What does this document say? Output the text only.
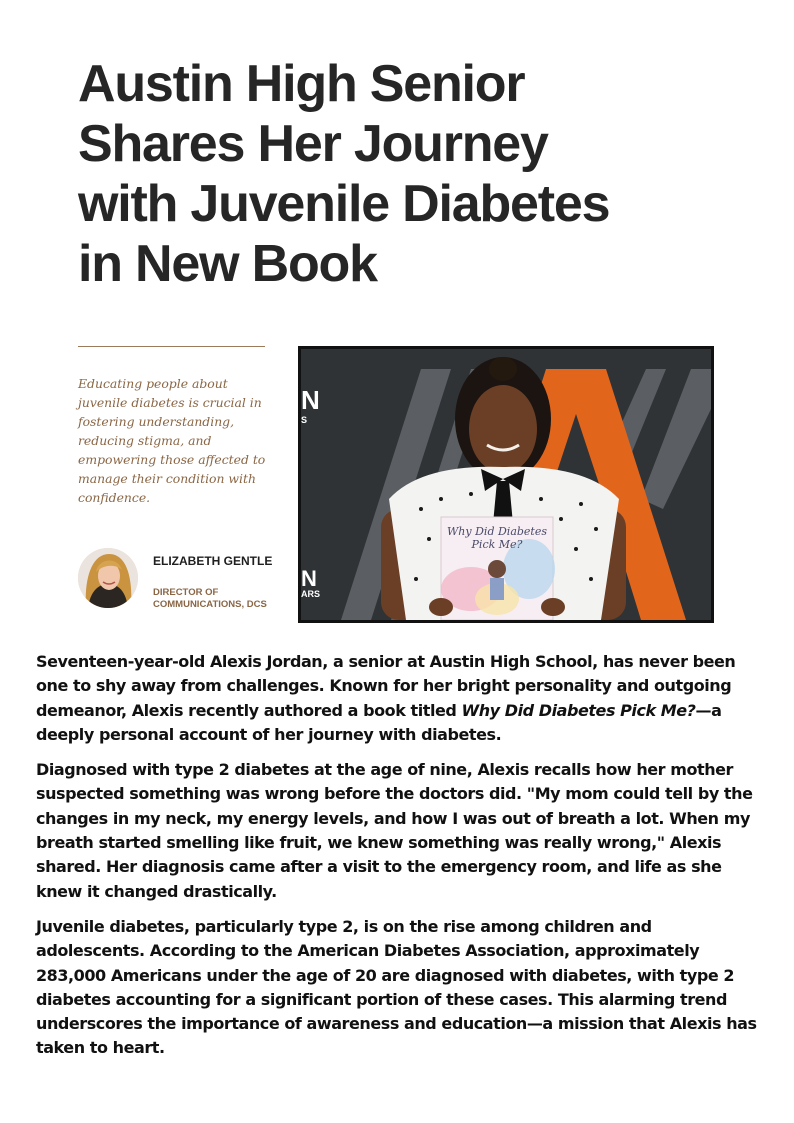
Austin High Senior
Shares Her Journey
with Juvenile Diabetes
in New Book

Educating people about juvenile diabetes is crucial in fostering understanding, reducing stigma, and empowering those affected to manage their condition with confidence.

ELIZABETH GENTLE
DIRECTOR OF COMMUNICATIONS, DCS
N
S
N
ARS
Why Did Diabetes
Pick Me?

Seventeen-year-old Alexis Jordan, a senior at Austin High School, has never been one to shy away from challenges. Known for her bright personality and outgoing demeanor, Alexis recently authored a book titled Why Did Diabetes Pick Me?—a deeply personal account of her journey with diabetes.

Diagnosed with type 2 diabetes at the age of nine, Alexis recalls how her mother suspected something was wrong before the doctors did. "My mom could tell by the changes in my neck, my energy levels, and how I was out of breath a lot. When my breath started smelling like fruit, we knew something was really wrong," Alexis shared. Her diagnosis came after a visit to the emergency room, and life as she knew it changed drastically.

Juvenile diabetes, particularly type 2, is on the rise among children and adolescents. According to the American Diabetes Association, approximately 283,000 Americans under the age of 20 are diagnosed with diabetes, with type 2 diabetes accounting for a significant portion of these cases. This alarming trend underscores the importance of awareness and education—a mission that Alexis has taken to heart.
